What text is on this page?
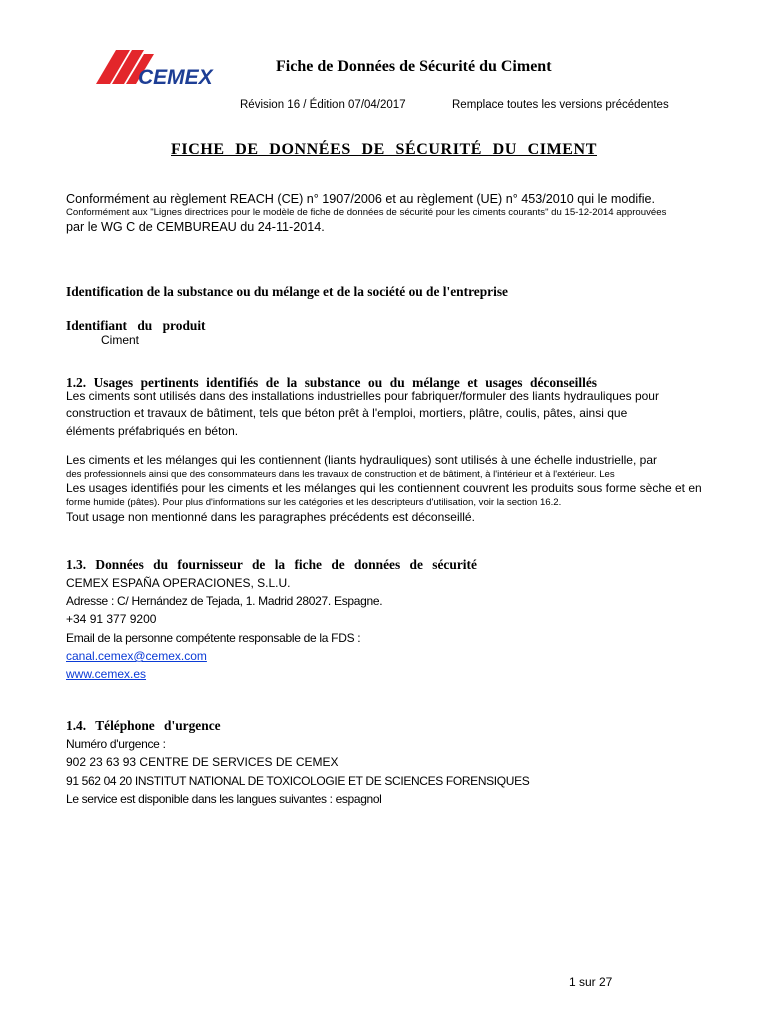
CEMEX	Fiche de Données de Sécurité du Ciment
Révision 16 / Édition 07/04/2017	Remplace toutes les versions précédentes
FICHE DE DONNÉES DE SÉCURITÉ DU CIMENT
Conformément au règlement REACH (CE) n° 1907/2006 et au règlement (UE) n° 453/2010 qui le modifie.
Conformément aux "Lignes directrices pour le modèle de fiche de données de sécurité pour les ciments courants" du 15-12-2014 approuvées
par le WG C de CEMBUREAU du 24-11-2014.
Identification de la substance ou du mélange et de la société ou de l'entreprise
Identifiant du produit
Ciment
1.2. Usages pertinents identifiés de la substance ou du mélange et usages déconseillés
Les ciments sont utilisés dans des installations industrielles pour fabriquer/formuler des liants hydrauliques pour
construction et travaux de bâtiment, tels que béton prêt à l'emploi, mortiers, plâtre, coulis, pâtes, ainsi que
éléments préfabriqués en béton.
Les ciments et les mélanges qui les contiennent (liants hydrauliques) sont utilisés à une échelle industrielle, par
des professionnels ainsi que des consommateurs dans les travaux de construction et de bâtiment, à l'intérieur et à l'extérieur. Les
Les usages identifiés pour les ciments et les mélanges qui les contiennent couvrent les produits sous forme sèche et en
forme humide (pâtes). Pour plus d'informations sur les catégories et les descripteurs d'utilisation, voir la section 16.2.
Tout usage non mentionné dans les paragraphes précédents est déconseillé.
1.3. Données du fournisseur de la fiche de données de sécurité
CEMEX ESPAÑA OPERACIONES, S.L.U.
Adresse : C/ Hernández de Tejada, 1. Madrid 28027. Espagne.
+34 91 377 9200
Email de la personne compétente responsable de la FDS :
canal.cemex@cemex.com
www.cemex.es
1.4. Téléphone d'urgence
Numéro d'urgence :
902 23 63 93 CENTRE DE SERVICES DE CEMEX
91 562 04 20 INSTITUT NATIONAL DE TOXICOLOGIE ET DE SCIENCES FORENSIQUES
Le service est disponible dans les langues suivantes : espagnol
1 sur 27
